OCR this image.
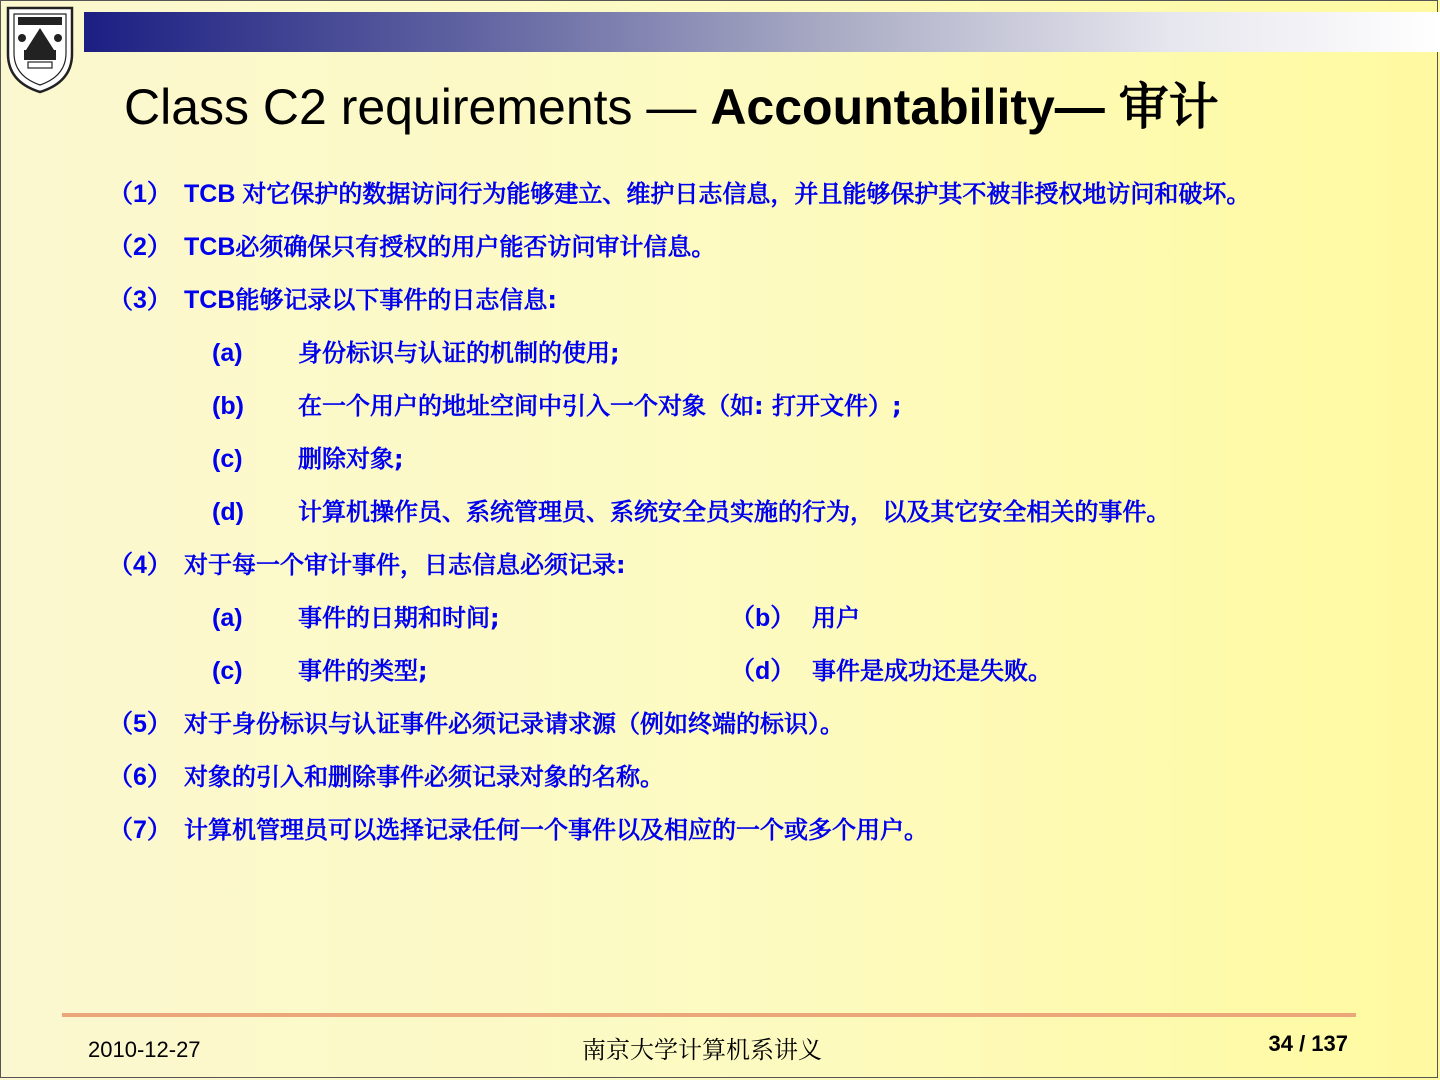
Class C2 requirements — Accountability— 审计
（1） TCB 对它保护的数据访问行为能够建立、维护日志信息，并且能够保护其不被非授权地访问和破坏。
（2） TCB必须确保只有授权的用户能否访问审计信息。
（3） TCB能够记录以下事件的日志信息:
(a)	身份标识与认证的机制的使用;
(b)	在一个用户的地址空间中引入一个对象（如: 打开文件）;
(c)	删除对象;
(d)	计算机操作员、系统管理员、系统安全员实施的行为， 以及其它安全相关的事件。
（4） 对于每一个审计事件，日志信息必须记录:
(a)	事件的日期和时间;	（b） 用户
(c)	事件的类型;	（d） 事件是成功还是失败。
（5） 对于身份标识与认证事件必须记录请求源（例如终端的标识）。
（6） 对象的引入和删除事件必须记录对象的名称。
（7） 计算机管理员可以选择记录任何一个事件以及相应的一个或多个用户。
2010-12-27	南京大学计算机系讲义	34 / 137
